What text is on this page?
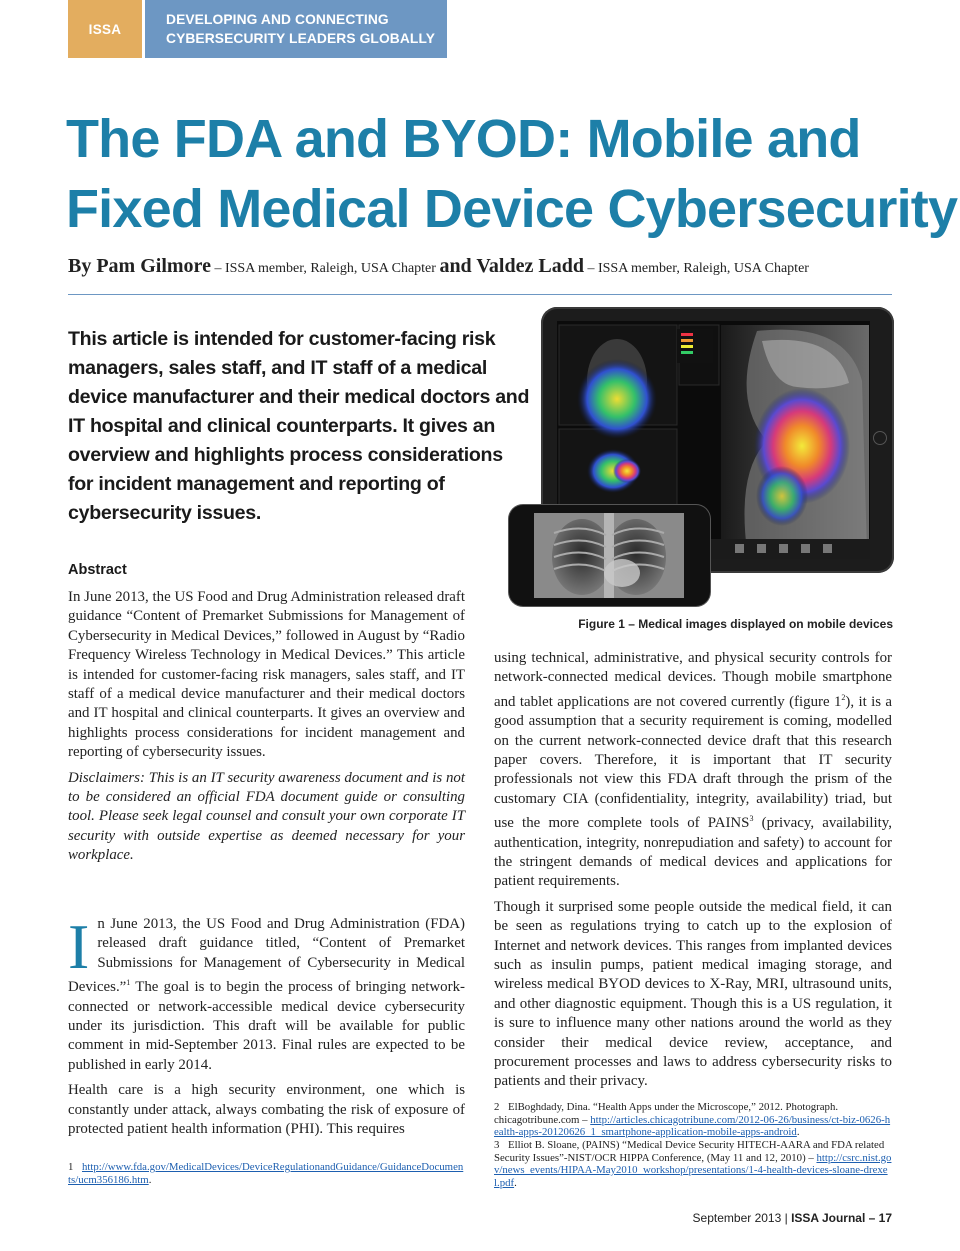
ISSA
DEVELOPING AND CONNECTING
CYBERSECURITY LEADERS GLOBALLY
The FDA and BYOD: Mobile and
Fixed Medical Device Cybersecurity
By Pam Gilmore – ISSA member, Raleigh, USA Chapter and Valdez Ladd – ISSA member, Raleigh, USA Chapter
This article is intended for customer-facing risk managers, sales staff, and IT staff of a medical device manufacturer and their medical doctors and IT hospital and clinical counterparts. It gives an overview and highlights process considerations for incident management and reporting of cybersecurity issues.
Figure 1 – Medical images displayed on mobile devices
Abstract

In June 2013, the US Food and Drug Administration released draft guidance “Content of Premarket Submissions for Management of Cybersecurity in Medical Devices,” followed in August by “Radio Frequency Wireless Technology in Medical Devices.” This article is intended for customer-facing risk managers, sales staff, and IT staff of a medical device manufacturer and their medical doctors and IT hospital and clinical counterparts. It gives an overview and highlights process considerations for incident management and reporting of cybersecurity issues.

Disclaimers: This is an IT security awareness document and is not to be considered an official FDA document guide or consulting tool. Please seek legal counsel and consult your own corporate IT security with outside expertise as deemed necessary for your workplace.

In June 2013, the US Food and Drug Administration (FDA) released draft guidance titled, “Content of Premarket Submissions for Management of Cybersecurity in Medical Devices.”$^1$ The goal is to begin the process of bringing network-connected or network-accessible medical device cybersecurity under its jurisdiction. This draft will be available for public comment in mid-September 2013. Final rules are expected to be published in early 2014.

Health care is a high security environment, one which is constantly under attack, always combating the risk of exposure of protected patient health information (PHI). This requires

using technical, administrative, and physical security controls for network-connected medical devices. Though mobile smartphone and tablet applications are not covered currently (figure $1^2$), it is a good assumption that a security requirement is coming, modelled on the current network-connected device draft that this research paper covers. Therefore, it is important that IT security professionals not view this FDA draft through the prism of the customary CIA (confidentiality, integrity, availability) triad, but use the more complete tools of PAINS$^3$ (privacy, availability, authentication, integrity, nonrepudiation and safety) to account for the stringent demands of medical devices and applications for patient requirements.

Though it surprised some people outside the medical field, it can be seen as regulations trying to catch up to the explosion of Internet and network devices. This ranges from implanted devices such as insulin pumps, patient medical imaging storage, and wireless medical BYOD devices to X-Ray, MRI, ultrasound units, and other diagnostic equipment. Though this is a US regulation, it is sure to influence many other nations around the world as they consider their medical device review, acceptance, and procurement processes and laws to address cybersecurity risks to patients and their privacy.

1 http://www.fda.gov/MedicalDevices/DeviceRegulationandGuidance/GuidanceDocuments/ucm356186.htm.
2 ElBoghdady, Dina. “Health Apps under the Microscope,” 2012. Photograph. chicagotribune.com – http://articles.chicagotribune.com/2012-06-26/business/ct-biz-0626-health-apps-20120626_1_smartphone-application-mobile-apps-android.
3 Elliot B. Sloane, (PAINS) “Medical Device Security HITECH-AARA and FDA related Security Issues”-NIST/OCR HIPPA Conference, (May 11 and 12, 2010) – http://csrc.nist.gov/news_events/HIPAA-May2010_workshop/presentations/1-4-health-devices-sloane-drexel.pdf.
September 2013 | ISSA Journal – 17
